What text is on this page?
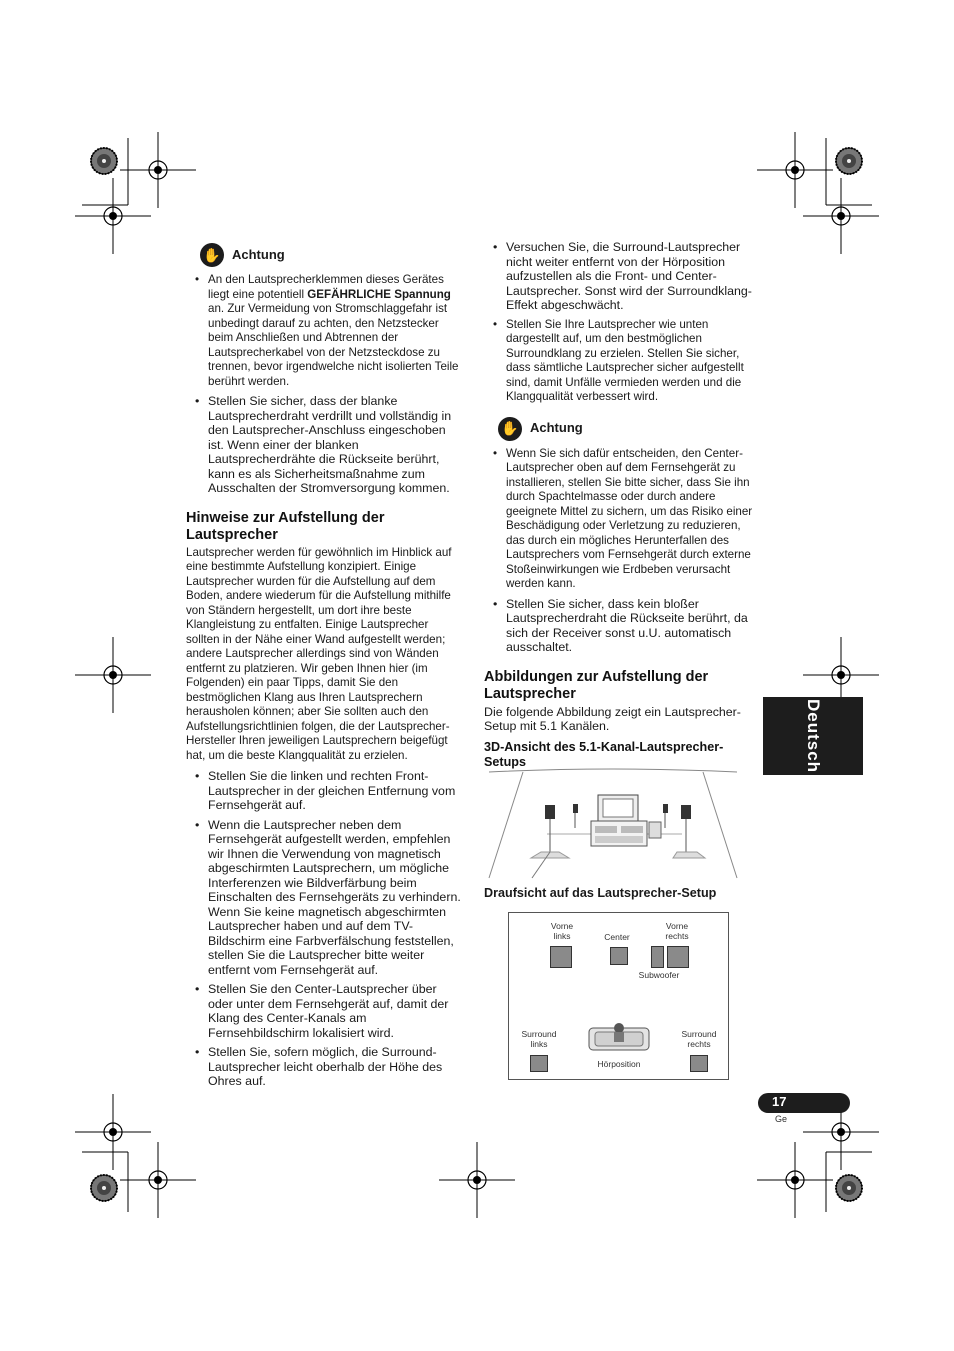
✋ Achtung
• An den Lautsprecherklemmen dieses Gerätes liegt eine potentiell GEFÄHRLICHE Spannung an. Zur Vermeidung von Stromschlaggefahr ist unbedingt darauf zu achten, den Netzstecker beim Anschließen und Abtrennen der Lautsprecherkabel von der Netzsteckdose zu trennen, bevor irgendwelche nicht isolierten Teile berührt werden.
• Stellen Sie sicher, dass der blanke Lautsprecherdraht verdrillt und vollständig in den Lautsprecher-Anschluss eingeschoben ist. Wenn einer der blanken Lautsprecherdrähte die Rückseite berührt, kann es als Sicherheitsmaßnahme zum Ausschalten der Stromversorgung kommen.
Hinweise zur Aufstellung der Lautsprecher

Lautsprecher werden für gewöhnlich im Hinblick auf eine bestimmte Aufstellung konzipiert. Einige Lautsprecher wurden für die Aufstellung auf dem Boden, andere wiederum für die Aufstellung mithilfe von Ständern hergestellt, um dort ihre beste Klangleistung zu entfalten. Einige Lautsprecher sollten in der Nähe einer Wand aufgestellt werden; andere Lautsprecher allerdings sind von Wänden entfernt zu platzieren. Wir geben Ihnen hier (im Folgenden) ein paar Tipps, damit Sie den bestmöglichen Klang aus Ihren Lautsprechern herausholen können; aber Sie sollten auch den Aufstellungsrichtlinien folgen, die der Lautsprecher-Hersteller Ihren jeweiligen Lautsprechern beigefügt hat, um die beste Klangqualität zu erzielen.

• Stellen Sie die linken und rechten Front-Lautsprecher in der gleichen Entfernung vom Fernsehgerät auf.
• Wenn die Lautsprecher neben dem Fernsehgerät aufgestellt werden, empfehlen wir Ihnen die Verwendung von magnetisch abgeschirmten Lautsprechern, um mögliche Interferenzen wie Bildverfärbung beim Einschalten des Fernsehgeräts zu verhindern. Wenn Sie keine magnetisch abgeschirmten Lautsprecher haben und auf dem TV-Bildschirm eine Farbverfälschung feststellen, stellen Sie die Lautsprecher bitte weiter entfernt vom Fernsehgerät auf.
• Stellen Sie den Center-Lautsprecher über oder unter dem Fernsehgerät auf, damit der Klang des Center-Kanals am Fernsehbildschirm lokalisiert wird.
• Stellen Sie, sofern möglich, die Surround-Lautsprecher leicht oberhalb der Höhe des Ohres auf.
• Versuchen Sie, die Surround-Lautsprecher nicht weiter entfernt von der Hörposition aufzustellen als die Front- und Center-Lautsprecher. Sonst wird der Surroundklang-Effekt abgeschwächt.
• Stellen Sie Ihre Lautsprecher wie unten dargestellt auf, um den bestmöglichen Surroundklang zu erzielen. Stellen Sie sicher, dass sämtliche Lautsprecher sicher aufgestellt sind, damit Unfälle vermieden werden und die Klangqualität verbessert wird.
✋ Achtung
• Wenn Sie sich dafür entscheiden, den Center-Lautsprecher oben auf dem Fernsehgerät zu installieren, stellen Sie bitte sicher, dass Sie ihn durch Spachtelmasse oder durch andere geeignete Mittel zu sichern, um das Risiko einer Beschädigung oder Verletzung zu reduzieren, das durch ein mögliches Herunterfallen des Lautsprechers vom Fernsehgerät durch externe Stoßeinwirkungen wie Erdbeben verursacht werden kann.
• Stellen Sie sicher, dass kein bloßer Lautsprecherdraht die Rückseite berührt, da sich der Receiver sonst u.U. automatisch ausschaltet.
Abbildungen zur Aufstellung der Lautsprecher

Die folgende Abbildung zeigt ein Lautsprecher-Setup mit 5.1 Kanälen.

3D-Ansicht des 5.1-Kanal-Lautsprecher-Setups
Draufsicht auf das Lautsprecher-Setup
Vorne links	Center
Vorne rechts
Subwoofer
Surround links
Surround rechts
Hörposition
Deutsch
17
Ge
